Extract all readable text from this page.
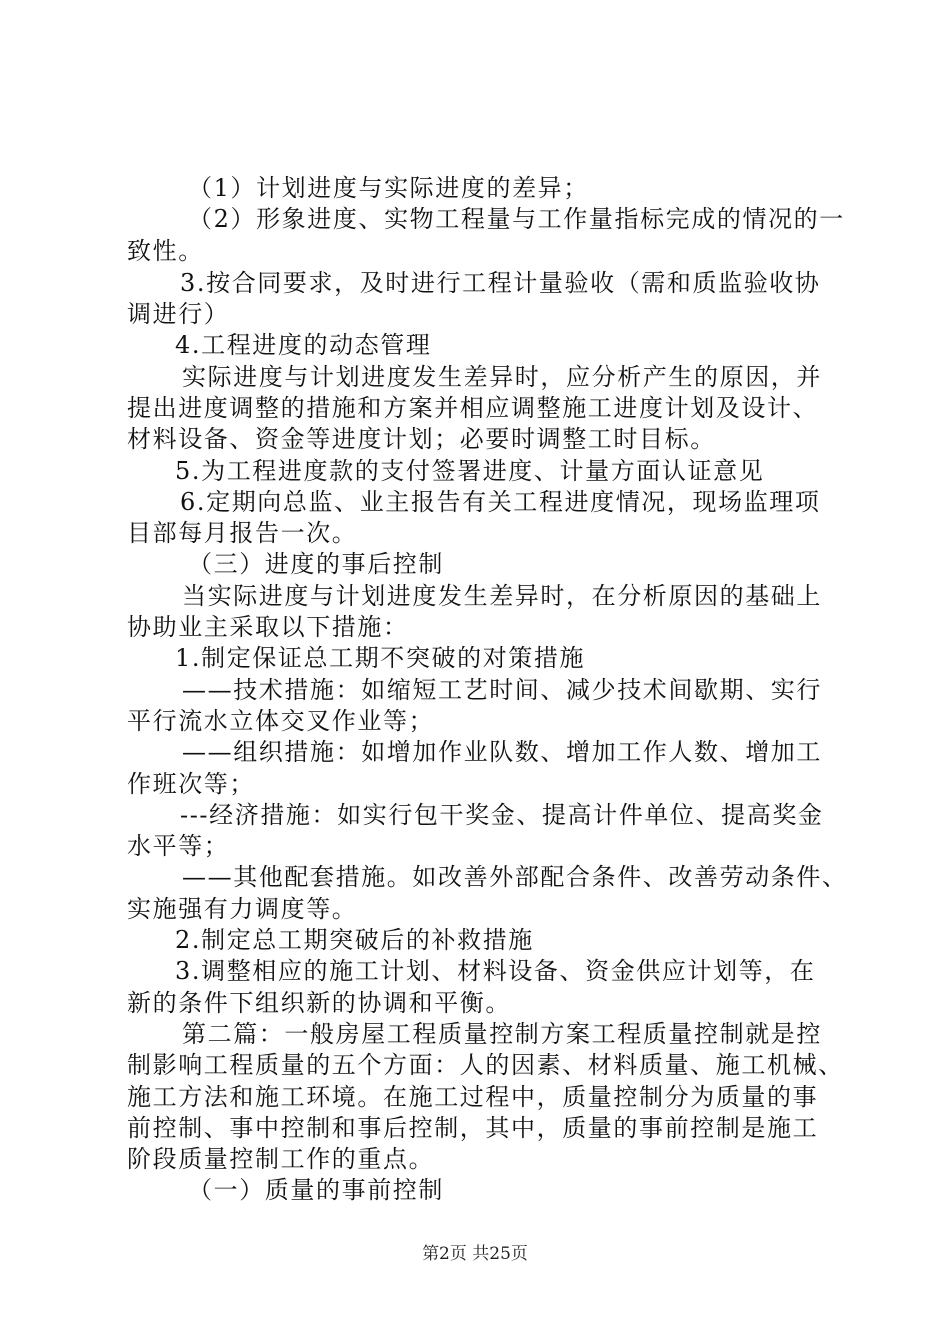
（1）计划进度与实际进度的差异；
（2）形象进度、实物工程量与工作量指标完成的情况的一
致性。
3.按合同要求，及时进行工程计量验收（需和质监验收协
调进行）
4.工程进度的动态管理
实际进度与计划进度发生差异时，应分析产生的原因，并
提出进度调整的措施和方案并相应调整施工进度计划及设计、
材料设备、资金等进度计划；必要时调整工时目标。
5.为工程进度款的支付签署进度、计量方面认证意见
6.定期向总监、业主报告有关工程进度情况，现场监理项
目部每月报告一次。
（三）进度的事后控制
当实际进度与计划进度发生差异时，在分析原因的基础上
协助业主采取以下措施：
1.制定保证总工期不突破的对策措施
——技术措施：如缩短工艺时间、减少技术间歇期、实行
平行流水立体交叉作业等；
——组织措施：如增加作业队数、增加工作人数、增加工
作班次等；
---经济措施：如实行包干奖金、提高计件单位、提高奖金
水平等；
——其他配套措施。如改善外部配合条件、改善劳动条件、
实施强有力调度等。
2.制定总工期突破后的补救措施
3.调整相应的施工计划、材料设备、资金供应计划等，在
新的条件下组织新的协调和平衡。
第二篇：一般房屋工程质量控制方案工程质量控制就是控
制影响工程质量的五个方面：人的因素、材料质量、施工机械、
施工方法和施工环境。在施工过程中，质量控制分为质量的事
前控制、事中控制和事后控制，其中，质量的事前控制是施工
阶段质量控制工作的重点。
（一）质量的事前控制
第2页 共25页
